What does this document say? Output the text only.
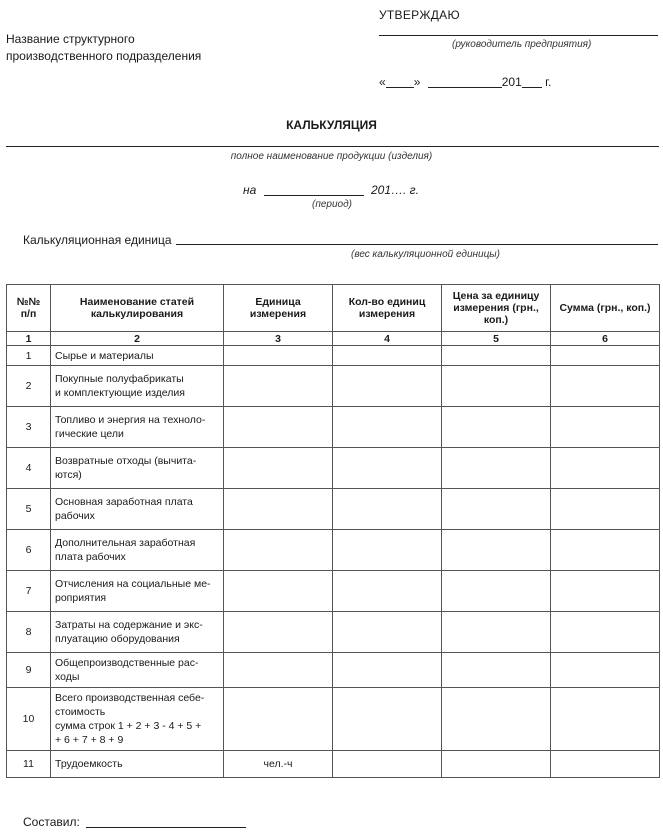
Название структурного
производственного подразделения
УТВЕРЖДАЮ
(руководитель предприятия)
« »	201 г.
КАЛЬКУЛЯЦИЯ
полное наименование продукции (изделия)
на	201…. г.
(период)
Калькуляционная единица
(вес калькуляционной единицы)
№№ п/п	Наименование статей калькулирования	Единица измерения	Кол-во единиц измерения	Цена за единицу измерения (грн., коп.)	Сумма (грн., коп.)
1	2	3	4	5	6
1	Сырье и материалы				
2	Покупные полуфабрикаты
и комплектующие изделия				
3	Топливо и энергия на техноло-
гические цели				
4	Возвратные отходы (вычита-
ются)				
5	Основная заработная плата
рабочих				
6	Дополнительная заработная
плата рабочих				
7	Отчисления на социальные ме-
роприятия				
8	Затраты на содержание и экс-
плуатацию оборудования				
9	Общепроизводственные рас-
ходы				
10	Всего производственная себе-
стоимость
сумма строк 1 + 2 + 3 - 4 + 5 +
+ 6 + 7 + 8 + 9				
11	Трудоемкость	чел.-ч			
Составил:
